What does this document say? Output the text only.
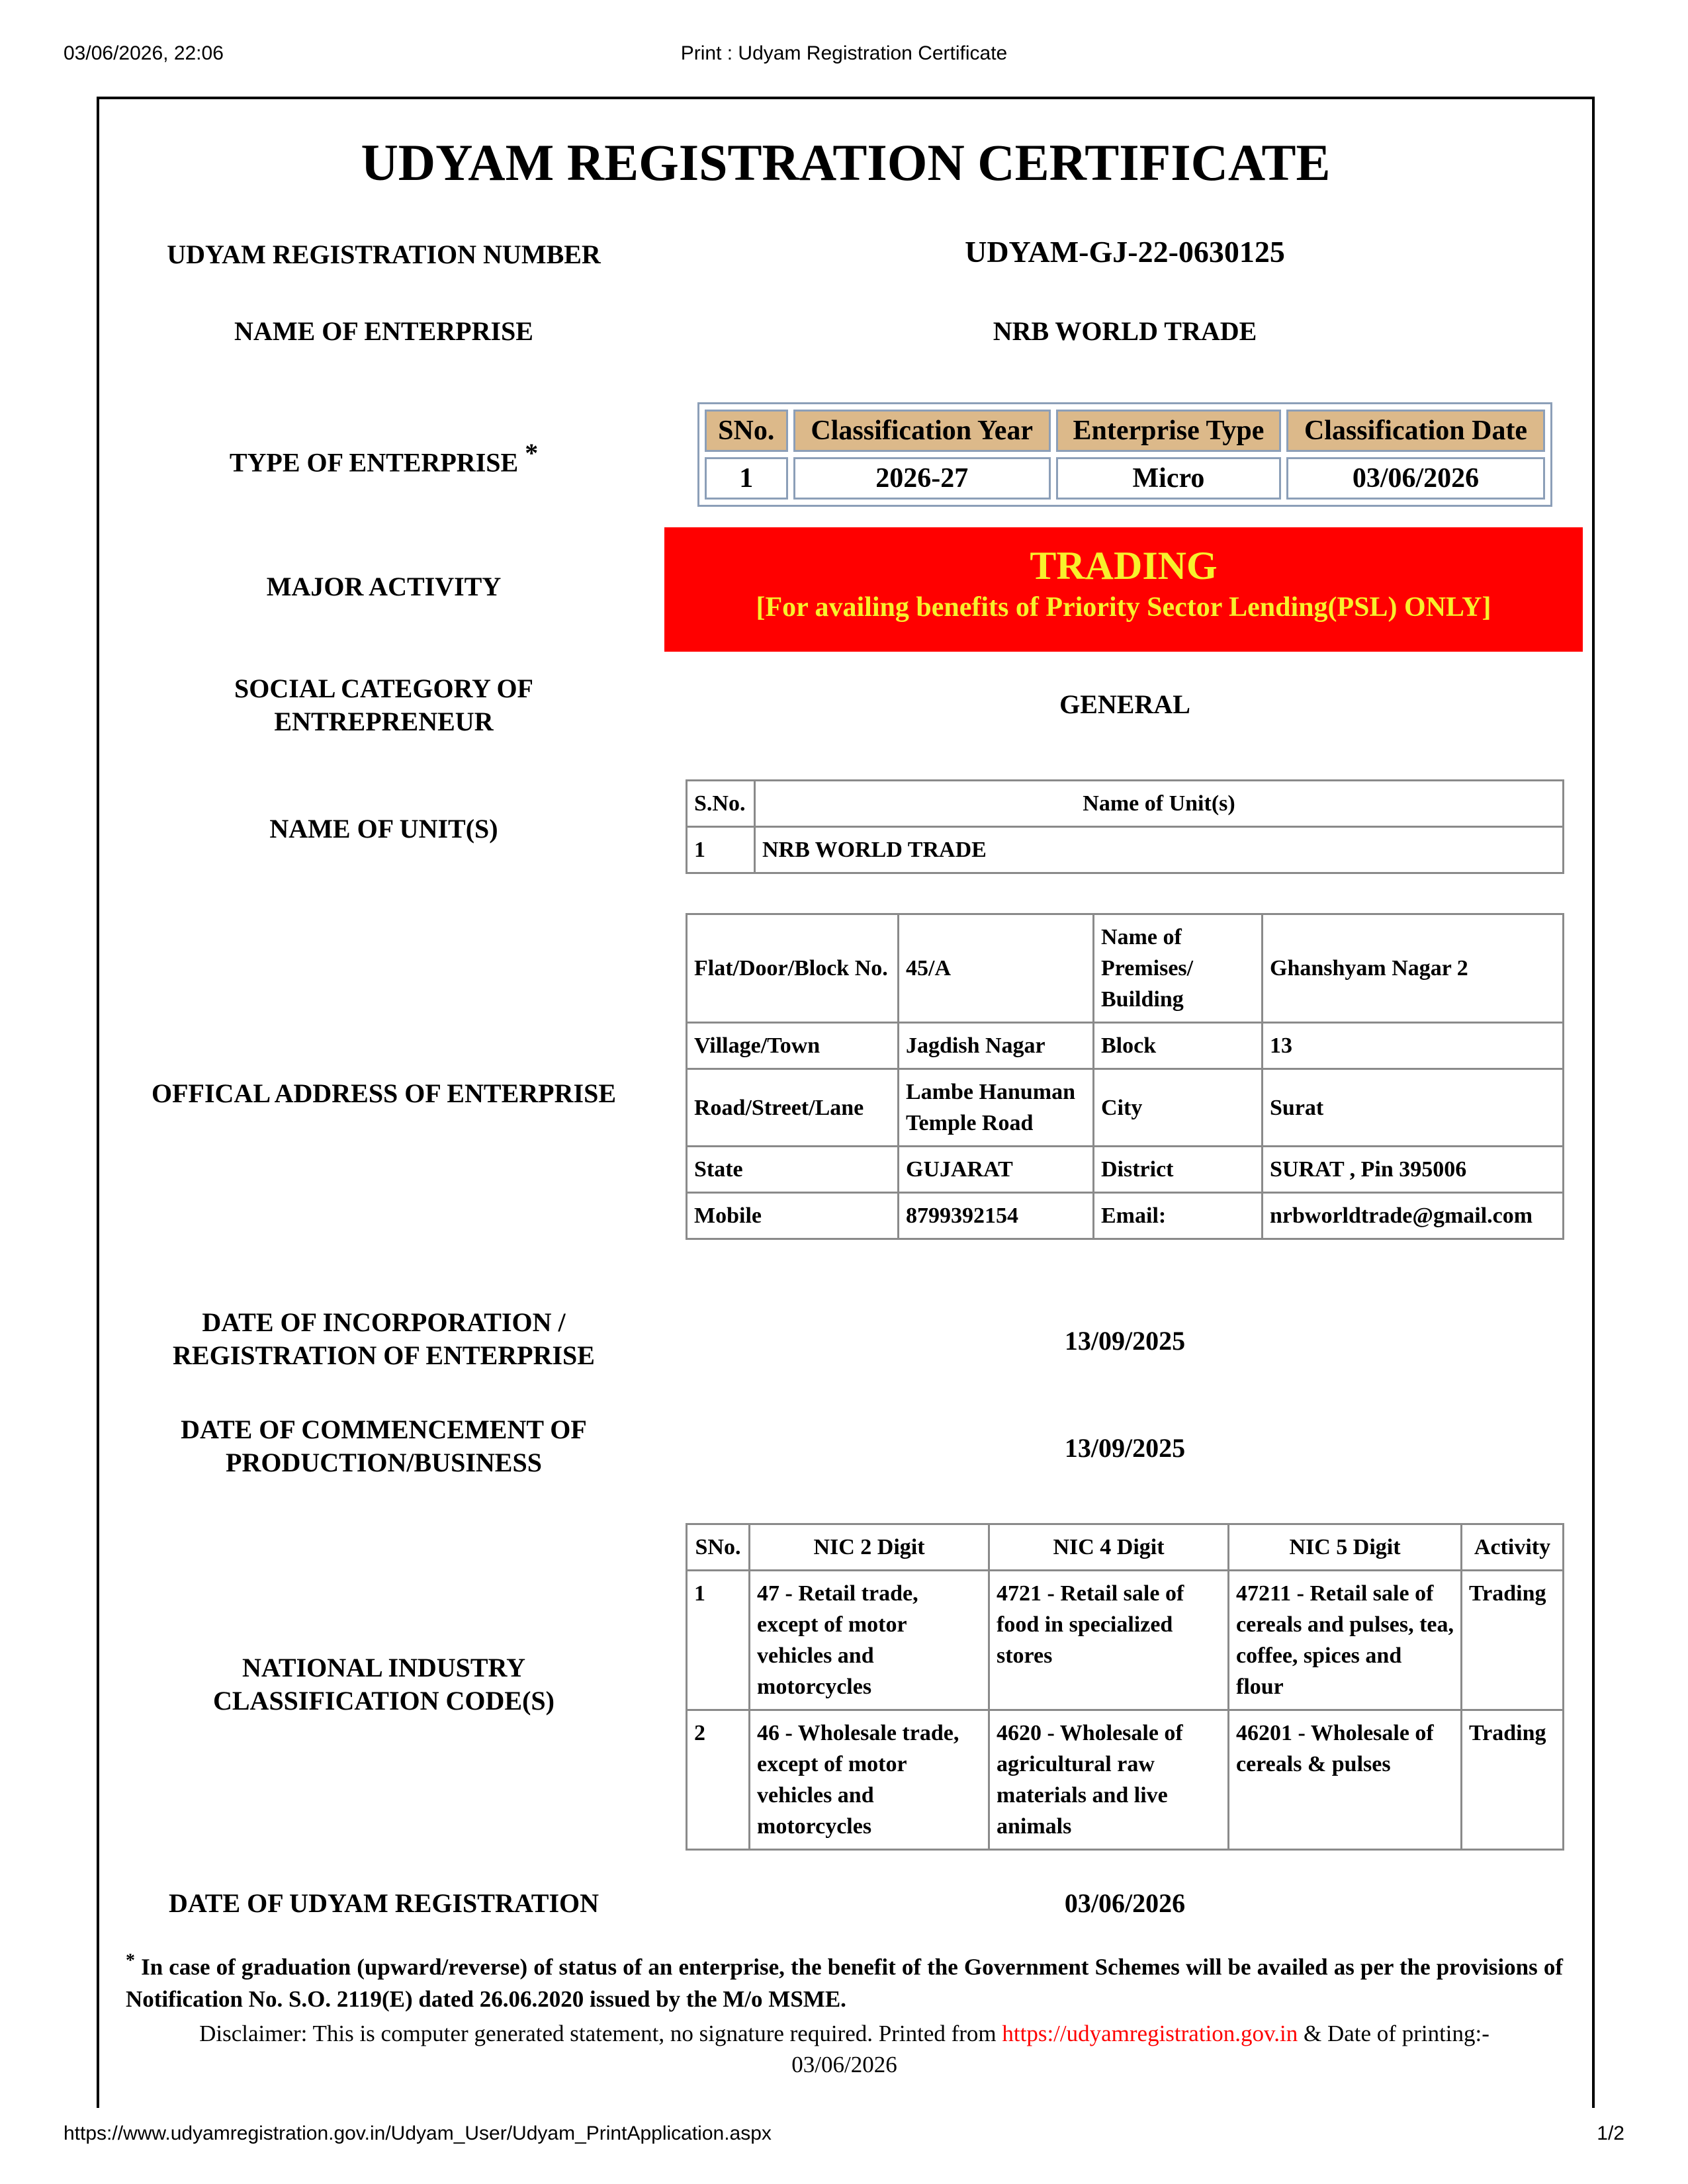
03/06/2026, 22:06	Print : Udyam Registration Certificate
UDYAM REGISTRATION CERTIFICATE
UDYAM REGISTRATION NUMBER	UDYAM-GJ-22-0630125
NAME OF ENTERPRISE	NRB WORLD TRADE
TYPE OF ENTERPRISE *
SNo.	Classification Year	Enterprise Type	Classification Date
1	2026-27	Micro	03/06/2026
MAJOR ACTIVITY	TRADING
[For availing benefits of Priority Sector Lending(PSL) ONLY]
SOCIAL CATEGORY OF
ENTREPRENEUR
GENERAL
NAME OF UNIT(S)
S.No.	Name of Unit(s)
1	NRB WORLD TRADE
OFFICAL ADDRESS OF ENTERPRISE
Flat/Door/Block No.	45/A	Name of Premises/ Building	Ghanshyam Nagar 2
Village/Town	Jagdish Nagar	Block	13
Road/Street/Lane	Lambe Hanuman Temple Road	City	Surat
State	GUJARAT	District	SURAT , Pin 395006
Mobile	8799392154	Email:	nrbworldtrade@gmail.com
DATE OF INCORPORATION /
REGISTRATION OF ENTERPRISE	13/09/2025
DATE OF COMMENCEMENT OF
PRODUCTION/BUSINESS	13/09/2025
NATIONAL INDUSTRY
CLASSIFICATION CODE(S)
SNo.	NIC 2 Digit	NIC 4 Digit	NIC 5 Digit	Activity
1	47 - Retail trade, except of motor vehicles and motorcycles	4721 - Retail sale of food in specialized stores	47211 - Retail sale of cereals and pulses, tea, coffee, spices and flour	Trading
2	46 - Wholesale trade, except of motor vehicles and motorcycles	4620 - Wholesale of agricultural raw materials and live animals	46201 - Wholesale of cereals & pulses	Trading
DATE OF UDYAM REGISTRATION	03/06/2026
* In case of graduation (upward/reverse) of status of an enterprise, the benefit of the Government Schemes will be availed as per the provisions of Notification No. S.O. 2119(E) dated 26.06.2020 issued by the M/o MSME.
Disclaimer: This is computer generated statement, no signature required. Printed from https://udyamregistration.gov.in & Date of printing:-
03/06/2026
https://www.udyamregistration.gov.in/Udyam_User/Udyam_PrintApplication.aspx	1/2
